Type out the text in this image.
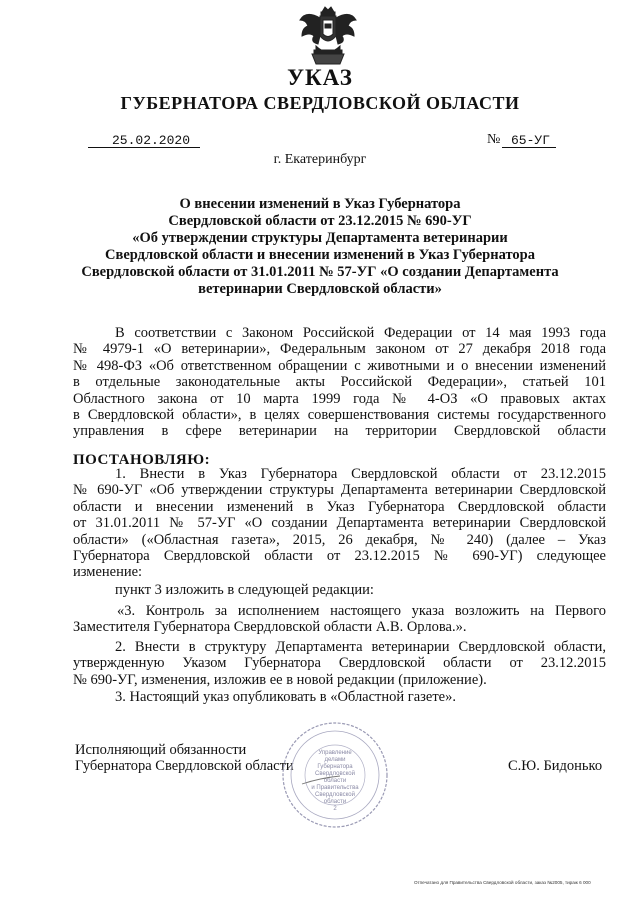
УКАЗ
ГУБЕРНАТОРА СВЕРДЛОВСКОЙ ОБЛАСТИ
25.02.2020	№ 65-УГ
г. Екатеринбург
О внесении изменений в Указ Губернатора
Свердловской области от 23.12.2015 № 690-УГ
«Об утверждении структуры Департамента ветеринарии
Свердловской области и внесении изменений в Указ Губернатора
Свердловской области от 31.01.2011 № 57-УГ «О создании Департамента
ветеринарии Свердловской области»
В соответствии с Законом Российской Федерации от 14 мая 1993 года
№ 4979-1 «О ветеринарии», Федеральным законом от 27 декабря 2018 года
№ 498-ФЗ «Об ответственном обращении с животными и о внесении изменений
в отдельные законодательные акты Российской Федерации», статьей 101
Областного закона от 10 марта 1999 года № 4-ОЗ «О правовых актах
в Свердловской области», в целях совершенствования системы государственного
управления в сфере ветеринарии на территории Свердловской области
ПОСТАНОВЛЯЮ:
1. Внести в Указ Губернатора Свердловской области от 23.12.2015
№ 690-УГ «Об утверждении структуры Департамента ветеринарии Свердловской
области и внесении изменений в Указ Губернатора Свердловской области
от 31.01.2011 № 57-УГ «О создании Департамента ветеринарии Свердловской
области» («Областная газета», 2015, 26 декабря, № 240) (далее – Указ
Губернатора Свердловской области от 23.12.2015 № 690-УГ) следующее
изменение:
пункт 3 изложить в следующей редакции:
«3. Контроль за исполнением настоящего указа возложить на Первого
Заместителя Губернатора Свердловской области А.В. Орлова.».
2. Внести в структуру Департамента ветеринарии Свердловской области,
утвержденную Указом Губернатора Свердловской области от 23.12.2015
№ 690-УГ, изменения, изложив ее в новой редакции (приложение).
3. Настоящий указ опубликовать в «Областной газете».
Исполняющий обязанности
Губернатора Свердловской области	С.Ю. Бидонько
Управление
делами
Губернатора
Свердловской
области
и Правительства
Свердловской
области
2
Отпечатано для Правительства Свердловской области, заказ №2005, тираж 6 000
